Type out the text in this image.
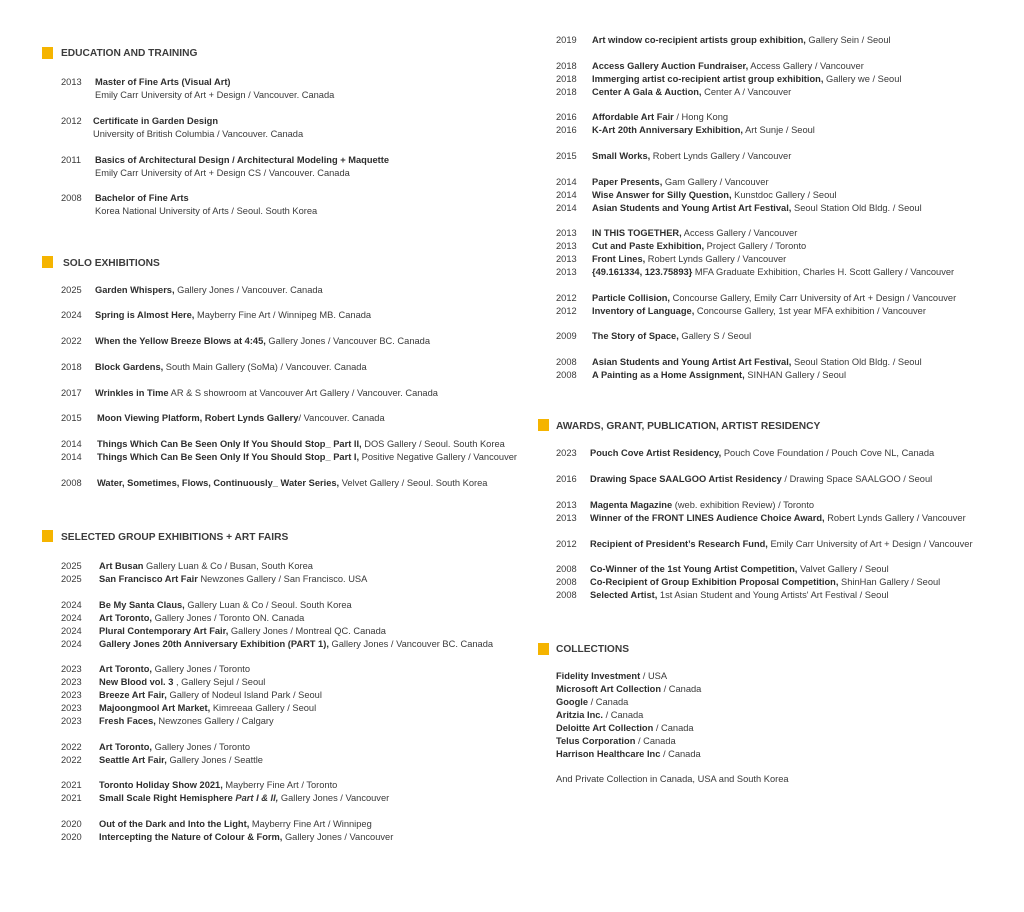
EDUCATION AND TRAINING
2013 Master of Fine Arts (Visual Art)
Emily Carr University of Art + Design / Vancouver. Canada
2012 Certificate in Garden Design
University of British Columbia / Vancouver. Canada
2011 Basics of Architectural Design / Architectural Modeling + Maquette
Emily Carr University of Art + Design CS / Vancouver. Canada
2008 Bachelor of Fine Arts
Korea National University of Arts / Seoul. South Korea
SOLO EXHIBITIONS
2025 Garden Whispers, Gallery Jones / Vancouver. Canada
2024 Spring is Almost Here, Mayberry Fine Art / Winnipeg MB. Canada
2022 When the Yellow Breeze Blows at 4:45, Gallery Jones / Vancouver BC. Canada
2018 Block Gardens, South Main Gallery (SoMa) / Vancouver. Canada
2017 Wrinkles in Time AR & S showroom at Vancouver Art Gallery / Vancouver. Canada
2015 Moon Viewing Platform, Robert Lynds Gallery/ Vancouver. Canada
2014 Things Which Can Be Seen Only If You Should Stop_ Part II, DOS Gallery / Seoul. South Korea
2014 Things Which Can Be Seen Only If You Should Stop_ Part I, Positive Negative Gallery / Vancouver
2008 Water, Sometimes, Flows, Continuously_ Water Series, Velvet Gallery / Seoul. South Korea
SELECTED GROUP EXHIBITIONS + ART FAIRS
2025 Art Busan Gallery Luan & Co / Busan, South Korea
2025 San Francisco Art Fair Newzones Gallery / San Francisco. USA
2024 Be My Santa Claus, Gallery Luan & Co / Seoul. South Korea
2024 Art Toronto, Gallery Jones / Toronto ON. Canada
2024 Plural Contemporary Art Fair, Gallery Jones / Montreal QC. Canada
2024 Gallery Jones 20th Anniversary Exhibition (PART 1), Gallery Jones / Vancouver BC. Canada
2023 Art Toronto, Gallery Jones / Toronto
2023 New Blood vol. 3 , Gallery Sejul / Seoul
2023 Breeze Art Fair, Gallery of Nodeul Island Park / Seoul
2023 Majoongmool Art Market, Kimreeaa Gallery / Seoul
2023 Fresh Faces, Newzones Gallery / Calgary
2022 Art Toronto, Gallery Jones / Toronto
2022 Seattle Art Fair, Gallery Jones / Seattle
2021 Toronto Holiday Show 2021, Mayberry Fine Art / Toronto
2021 Small Scale Right Hemisphere Part I & II, Gallery Jones / Vancouver
2020 Out of the Dark and Into the Light, Mayberry Fine Art / Winnipeg
2020 Intercepting the Nature of Colour & Form, Gallery Jones / Vancouver
2019 Art window co-recipient artists group exhibition, Gallery Sein / Seoul
2018 Access Gallery Auction Fundraiser, Access Gallery / Vancouver
2018 Immerging artist co-recipient artist group exhibition, Gallery we / Seoul
2018 Center A Gala & Auction, Center A / Vancouver
2016 Affordable Art Fair / Hong Kong
2016 K-Art 20th Anniversary Exhibition, Art Sunje / Seoul
2015 Small Works, Robert Lynds Gallery / Vancouver
2014 Paper Presents, Gam Gallery / Vancouver
2014 Wise Answer for Silly Question, Kunstdoc Gallery / Seoul
2014 Asian Students and Young Artist Art Festival, Seoul Station Old Bldg. / Seoul
2013 IN THIS TOGETHER, Access Gallery / Vancouver
2013 Cut and Paste Exhibition, Project Gallery / Toronto
2013 Front Lines, Robert Lynds Gallery / Vancouver
2013 {49.161334, 123.75893} MFA Graduate Exhibition, Charles H. Scott Gallery / Vancouver
2012 Particle Collision, Concourse Gallery, Emily Carr University of Art + Design / Vancouver
2012 Inventory of Language, Concourse Gallery, 1st year MFA exhibition / Vancouver
2009 The Story of Space, Gallery S / Seoul
2008 Asian Students and Young Artist Art Festival, Seoul Station Old Bldg. / Seoul
2008 A Painting as a Home Assignment, SINHAN Gallery / Seoul
AWARDS, GRANT, PUBLICATION, ARTIST RESIDENCY
2023 Pouch Cove Artist Residency, Pouch Cove Foundation / Pouch Cove NL, Canada
2016 Drawing Space SAALGOO Artist Residency / Drawing Space SAALGOO / Seoul
2013 Magenta Magazine (web. exhibition Review) / Toronto
2013 Winner of the FRONT LINES Audience Choice Award, Robert Lynds Gallery / Vancouver
2012 Recipient of President’s Research Fund, Emily Carr University of Art + Design / Vancouver
2008 Co-Winner of the 1st Young Artist Competition, Valvet Gallery / Seoul
2008 Co-Recipient of Group Exhibition Proposal Competition, ShinHan Gallery / Seoul
2008 Selected Artist, 1st Asian Student and Young Artists' Art Festival / Seoul
COLLECTIONS
Fidelity Investment / USA
Microsoft Art Collection / Canada
Google / Canada
Aritzia Inc. / Canada
Deloitte Art Collection / Canada
Telus Corporation / Canada
Harrison Healthcare Inc / Canada
And Private Collection in Canada, USA and South Korea
